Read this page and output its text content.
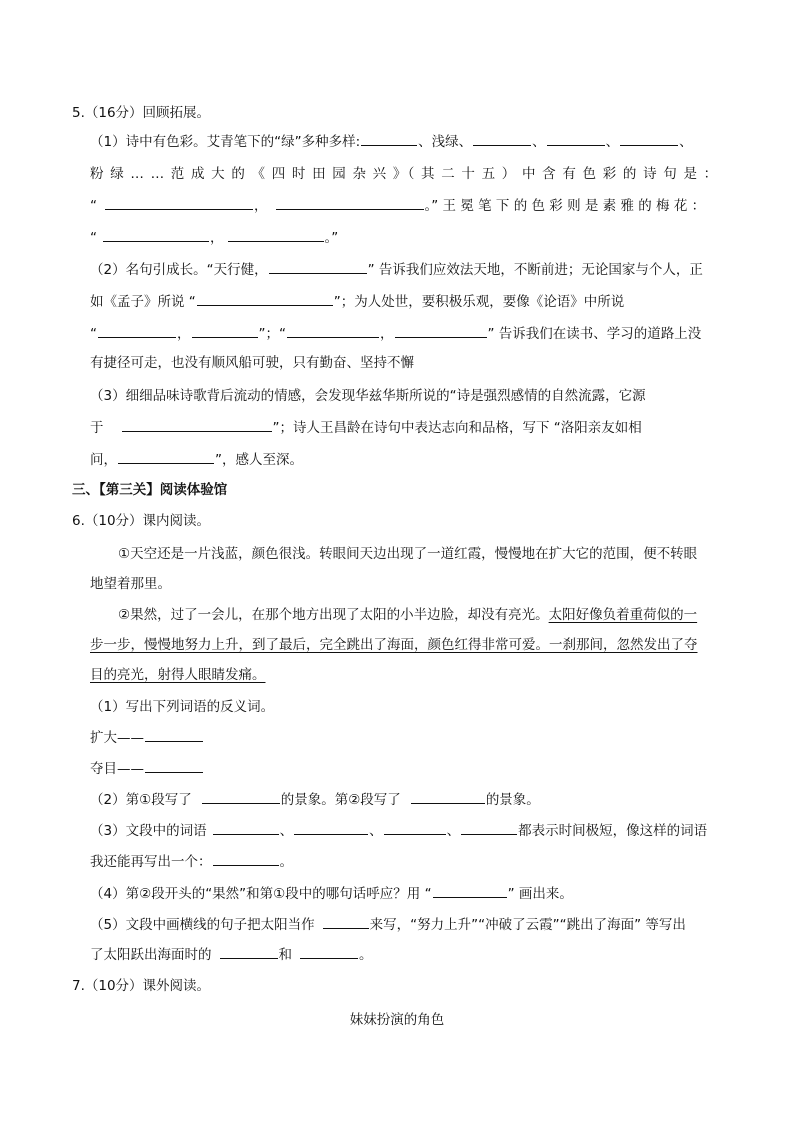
5.（16分）回顾拓展。
（1）诗中有色彩。艾青笔下的“绿”多种多样:	、浅绿、	、	、	、
粉 绿 … … 范 成 大 的 《 四 时 田 园 杂 兴 》（ 其 二 十 五 ） 中 含 有 色 彩 的 诗 句 是 ：
“	，	。” 王 冕 笔 下 的 色 彩 则 是 素 雅 的 梅 花 ：
“	，	。”
（2）名句引成长。“天行健，	” 告诉我们应效法天地，不断前进；无论国家与个人，正
如《孟子》所说 “	”；为人处世，要积极乐观，要像《论语》中所说
“	，	”；“	，	” 告诉我们在读书、学习的道路上没
有捷径可走，也没有顺风船可驶，只有勤奋、坚持不懈
（3）细细品味诗歌背后流动的情感，会发现华兹华斯所说的“诗是强烈感情的自然流露，它源
于	”；诗人王昌龄在诗句中表达志向和品格，写下 “洛阳亲友如相
问，	”，感人至深。
三、【第三关】阅读体验馆
6.（10分）课内阅读。
①天空还是一片浅蓝，颜色很浅。转眼间天边出现了一道红霞，慢慢地在扩大它的范围，便不转眼
地望着那里。
②果然，过了一会儿，在那个地方出现了太阳的小半边脸，却没有亮光。太阳好像负着重荷似的一
步一步，慢慢地努力上升，到了最后，完全跳出了海面，颜色红得非常可爱。一刹那间，忽然发出了夺
目的亮光，射得人眼睛发痛。
（1）写出下列词语的反义词。
扩大——
夺目——
（2）第①段写了	的景象。第②段写了	的景象。
（3）文段中的词语	、	、	、	都表示时间极短，像这样的词语
我还能再写出一个：	。
（4）第②段开头的“果然”和第①段中的哪句话呼应？用 “	” 画出来。
（5）文段中画横线的句子把太阳当作	来写，“努力上升”“冲破了云霞”“跳出了海面” 等写出
了太阳跃出海面时的	和	。
7.（10分）课外阅读。
妹妹扮演的角色
